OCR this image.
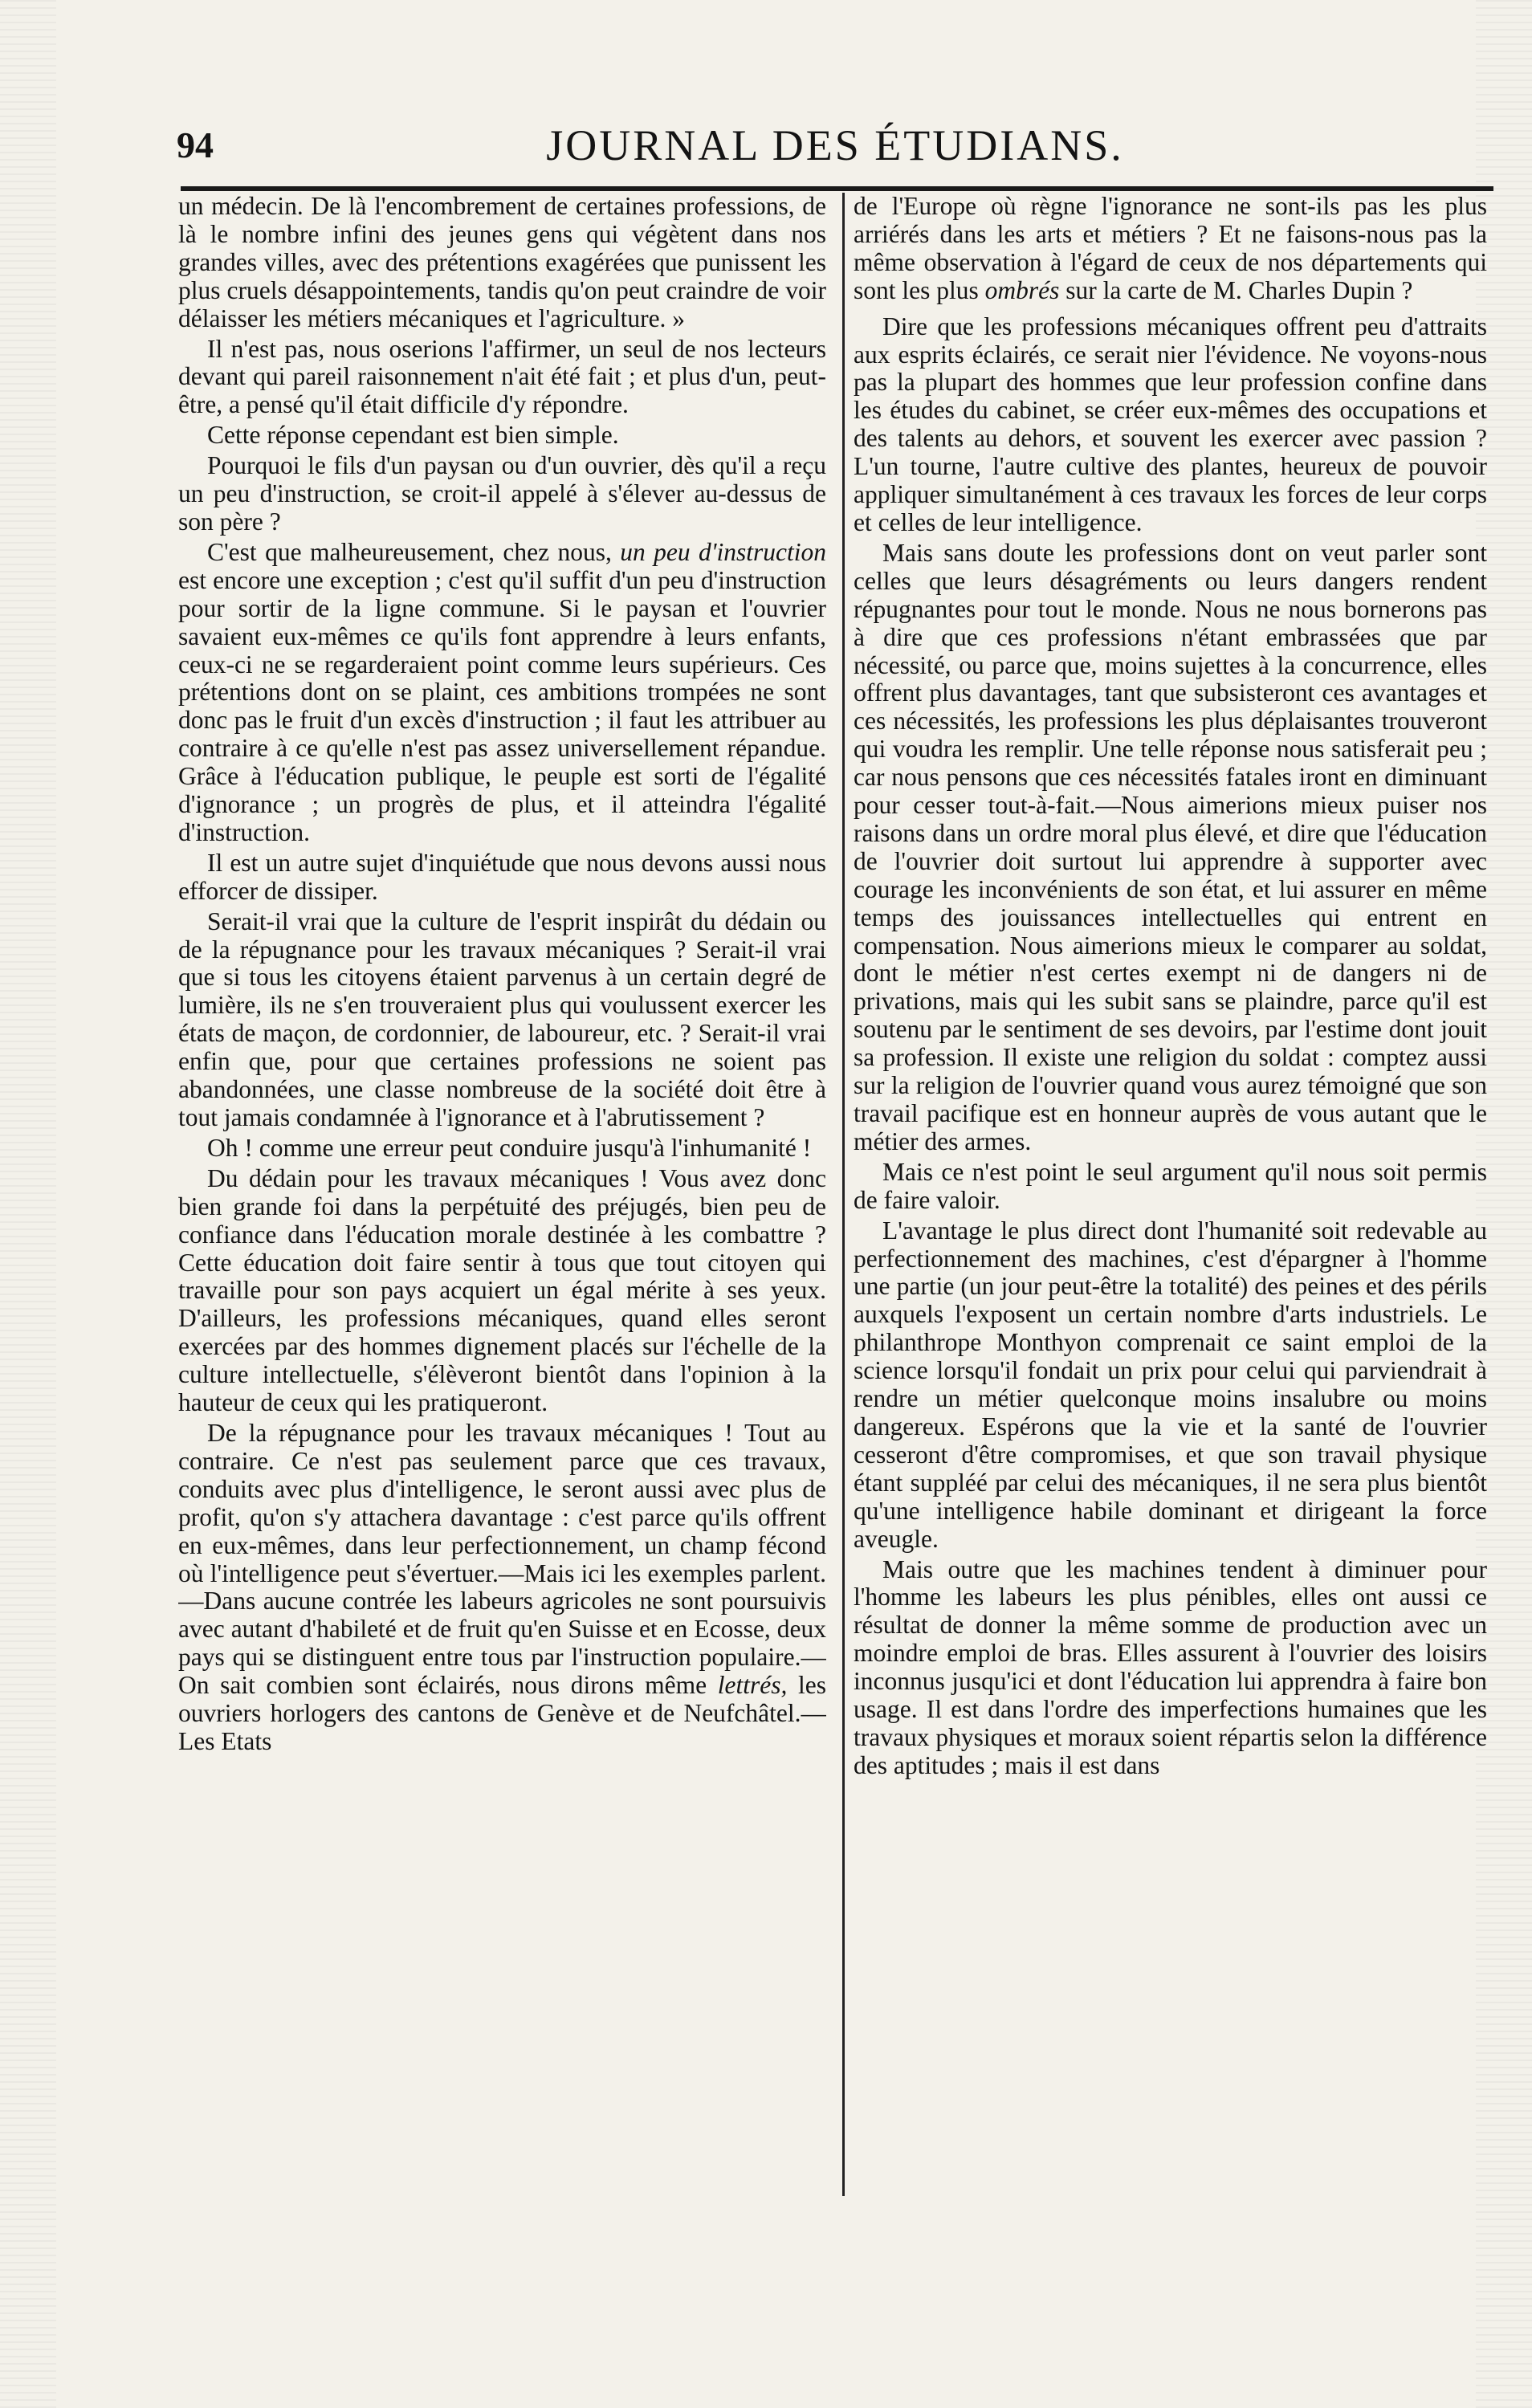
94	JOURNAL DES ÉTUDIANS.

un médecin. De là l'encombrement de certaines professions, de là le nombre infini des jeunes gens qui végètent dans nos grandes villes, avec des prétentions exagérées que punissent les plus cruels désappointements, tandis qu'on peut craindre de voir délaisser les métiers mécaniques et l'agriculture. »

Il n'est pas, nous oserions l'affirmer, un seul de nos lecteurs devant qui pareil raisonnement n'ait été fait ; et plus d'un, peut-être, a pensé qu'il était difficile d'y répondre.

Cette réponse cependant est bien simple.

Pourquoi le fils d'un paysan ou d'un ouvrier, dès qu'il a reçu un peu d'instruction, se croit-il appelé à s'élever au-dessus de son père ?

C'est que malheureusement, chez nous, un peu d'instruction est encore une exception ; c'est qu'il suffit d'un peu d'instruction pour sortir de la ligne commune. Si le paysan et l'ouvrier savaient eux-mêmes ce qu'ils font apprendre à leurs enfants, ceux-ci ne se regarderaient point comme leurs supérieurs. Ces prétentions dont on se plaint, ces ambitions trompées ne sont donc pas le fruit d'un excès d'instruction ; il faut les attribuer au contraire à ce qu'elle n'est pas assez universellement répandue. Grâce à l'éducation publique, le peuple est sorti de l'égalité d'ignorance ; un progrès de plus, et il atteindra l'égalité d'instruction.

Il est un autre sujet d'inquiétude que nous devons aussi nous efforcer de dissiper.

Serait-il vrai que la culture de l'esprit inspirât du dédain ou de la répugnance pour les travaux mécaniques ? Serait-il vrai que si tous les citoyens étaient parvenus à un certain degré de lumière, ils ne s'en trouveraient plus qui voulussent exercer les états de maçon, de cordonnier, de laboureur, etc. ? Serait-il vrai enfin que, pour que certaines professions ne soient pas abandonnées, une classe nombreuse de la société doit être à tout jamais condamnée à l'ignorance et à l'abrutissement ?

Oh ! comme une erreur peut conduire jusqu'à l'inhumanité !

Du dédain pour les travaux mécaniques ! Vous avez donc bien grande foi dans la perpétuité des préjugés, bien peu de confiance dans l'éducation morale destinée à les combattre ? Cette éducation doit faire sentir à tous que tout citoyen qui travaille pour son pays acquiert un égal mérite à ses yeux. D'ailleurs, les professions mécaniques, quand elles seront exercées par des hommes dignement placés sur l'échelle de la culture intellectuelle, s'élèveront bientôt dans l'opinion à la hauteur de ceux qui les pratiqueront.

De la répugnance pour les travaux mécaniques ! Tout au contraire. Ce n'est pas seulement parce que ces travaux, conduits avec plus d'intelligence, le seront aussi avec plus de profit, qu'on s'y attachera davantage : c'est parce qu'ils offrent en eux-mêmes, dans leur perfectionnement, un champ fécond où l'intelligence peut s'évertuer.—Mais ici les exemples parlent.—Dans aucune contrée les labeurs agricoles ne sont poursuivis avec autant d'habileté et de fruit qu'en Suisse et en Ecosse, deux pays qui se distinguent entre tous par l'instruction populaire.—On sait combien sont éclairés, nous dirons même lettrés, les ouvriers horlogers des cantons de Genève et de Neufchâtel.—Les Etats

de l'Europe où règne l'ignorance ne sont-ils pas les plus arriérés dans les arts et métiers ? Et ne faisons-nous pas la même observation à l'égard de ceux de nos départements qui sont les plus ombrés sur la carte de M. Charles Dupin ?

Dire que les professions mécaniques offrent peu d'attraits aux esprits éclairés, ce serait nier l'évidence. Ne voyons-nous pas la plupart des hommes que leur profession confine dans les études du cabinet, se créer eux-mêmes des occupations et des talents au dehors, et souvent les exercer avec passion ? L'un tourne, l'autre cultive des plantes, heureux de pouvoir appliquer simultanément à ces travaux les forces de leur corps et celles de leur intelligence.

Mais sans doute les professions dont on veut parler sont celles que leurs désagréments ou leurs dangers rendent répugnantes pour tout le monde. Nous ne nous bornerons pas à dire que ces professions n'étant embrassées que par nécessité, ou parce que, moins sujettes à la concurrence, elles offrent plus davantages, tant que subsisteront ces avantages et ces nécessités, les professions les plus déplaisantes trouveront qui voudra les remplir. Une telle réponse nous satisferait peu ; car nous pensons que ces nécessités fatales iront en diminuant pour cesser tout-à-fait.—Nous aimerions mieux puiser nos raisons dans un ordre moral plus élevé, et dire que l'éducation de l'ouvrier doit surtout lui apprendre à supporter avec courage les inconvénients de son état, et lui assurer en même temps des jouissances intellectuelles qui entrent en compensation. Nous aimerions mieux le comparer au soldat, dont le métier n'est certes exempt ni de dangers ni de privations, mais qui les subit sans se plaindre, parce qu'il est soutenu par le sentiment de ses devoirs, par l'estime dont jouit sa profession. Il existe une religion du soldat : comptez aussi sur la religion de l'ouvrier quand vous aurez témoigné que son travail pacifique est en honneur auprès de vous autant que le métier des armes.

Mais ce n'est point le seul argument qu'il nous soit permis de faire valoir.

L'avantage le plus direct dont l'humanité soit redevable au perfectionnement des machines, c'est d'épargner à l'homme une partie (un jour peut-être la totalité) des peines et des périls auxquels l'exposent un certain nombre d'arts industriels. Le philanthrope Monthyon comprenait ce saint emploi de la science lorsqu'il fondait un prix pour celui qui parviendrait à rendre un métier quelconque moins insalubre ou moins dangereux. Espérons que la vie et la santé de l'ouvrier cesseront d'être compromises, et que son travail physique étant suppléé par celui des mécaniques, il ne sera plus bientôt qu'une intelligence habile dominant et dirigeant la force aveugle.

Mais outre que les machines tendent à diminuer pour l'homme les labeurs les plus pénibles, elles ont aussi ce résultat de donner la même somme de production avec un moindre emploi de bras. Elles assurent à l'ouvrier des loisirs inconnus jusqu'ici et dont l'éducation lui apprendra à faire bon usage. Il est dans l'ordre des imperfections humaines que les travaux physiques et moraux soient répartis selon la différence des aptitudes ; mais il est dans
